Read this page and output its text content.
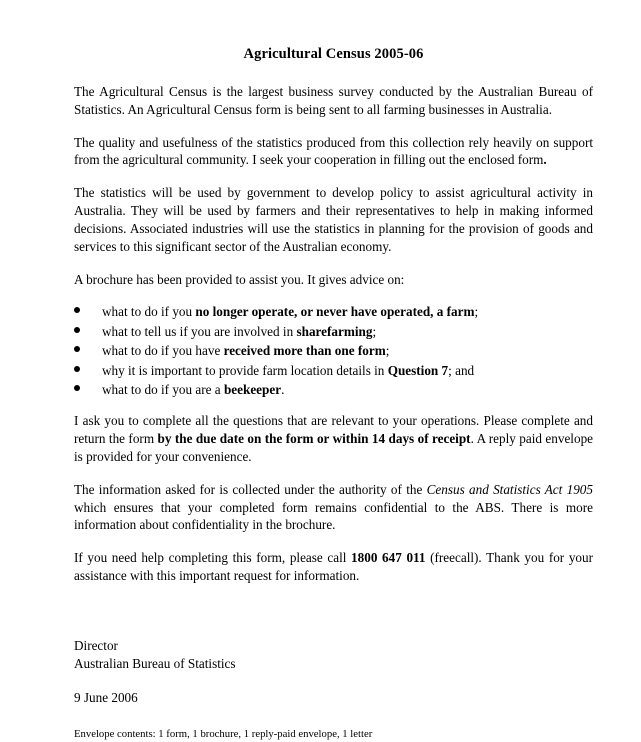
Agricultural Census 2005-06

The Agricultural Census is the largest business survey conducted by the Australian Bureau of Statistics. An Agricultural Census form is being sent to all farming businesses in Australia.

The quality and usefulness of the statistics produced from this collection rely heavily on support from the agricultural community. I seek your cooperation in filling out the enclosed form.

The statistics will be used by government to develop policy to assist agricultural activity in Australia. They will be used by farmers and their representatives to help in making informed decisions. Associated industries will use the statistics in planning for the provision of goods and services to this significant sector of the Australian economy.

A brochure has been provided to assist you. It gives advice on:

what to do if you no longer operate, or never have operated, a farm;
what to tell us if you are involved in sharefarming;
what to do if you have received more than one form;
why it is important to provide farm location details in Question 7; and
what to do if you are a beekeeper.

I ask you to complete all the questions that are relevant to your operations. Please complete and return the form by the due date on the form or within 14 days of receipt. A reply paid envelope is provided for your convenience.

The information asked for is collected under the authority of the Census and Statistics Act 1905 which ensures that your completed form remains confidential to the ABS. There is more information about confidentiality in the brochure.

If you need help completing this form, please call 1800 647 011 (freecall). Thank you for your assistance with this important request for information.

Director

Australian Bureau of Statistics

9 June 2006

Envelope contents: 1 form, 1 brochure, 1 reply-paid envelope, 1 letter
